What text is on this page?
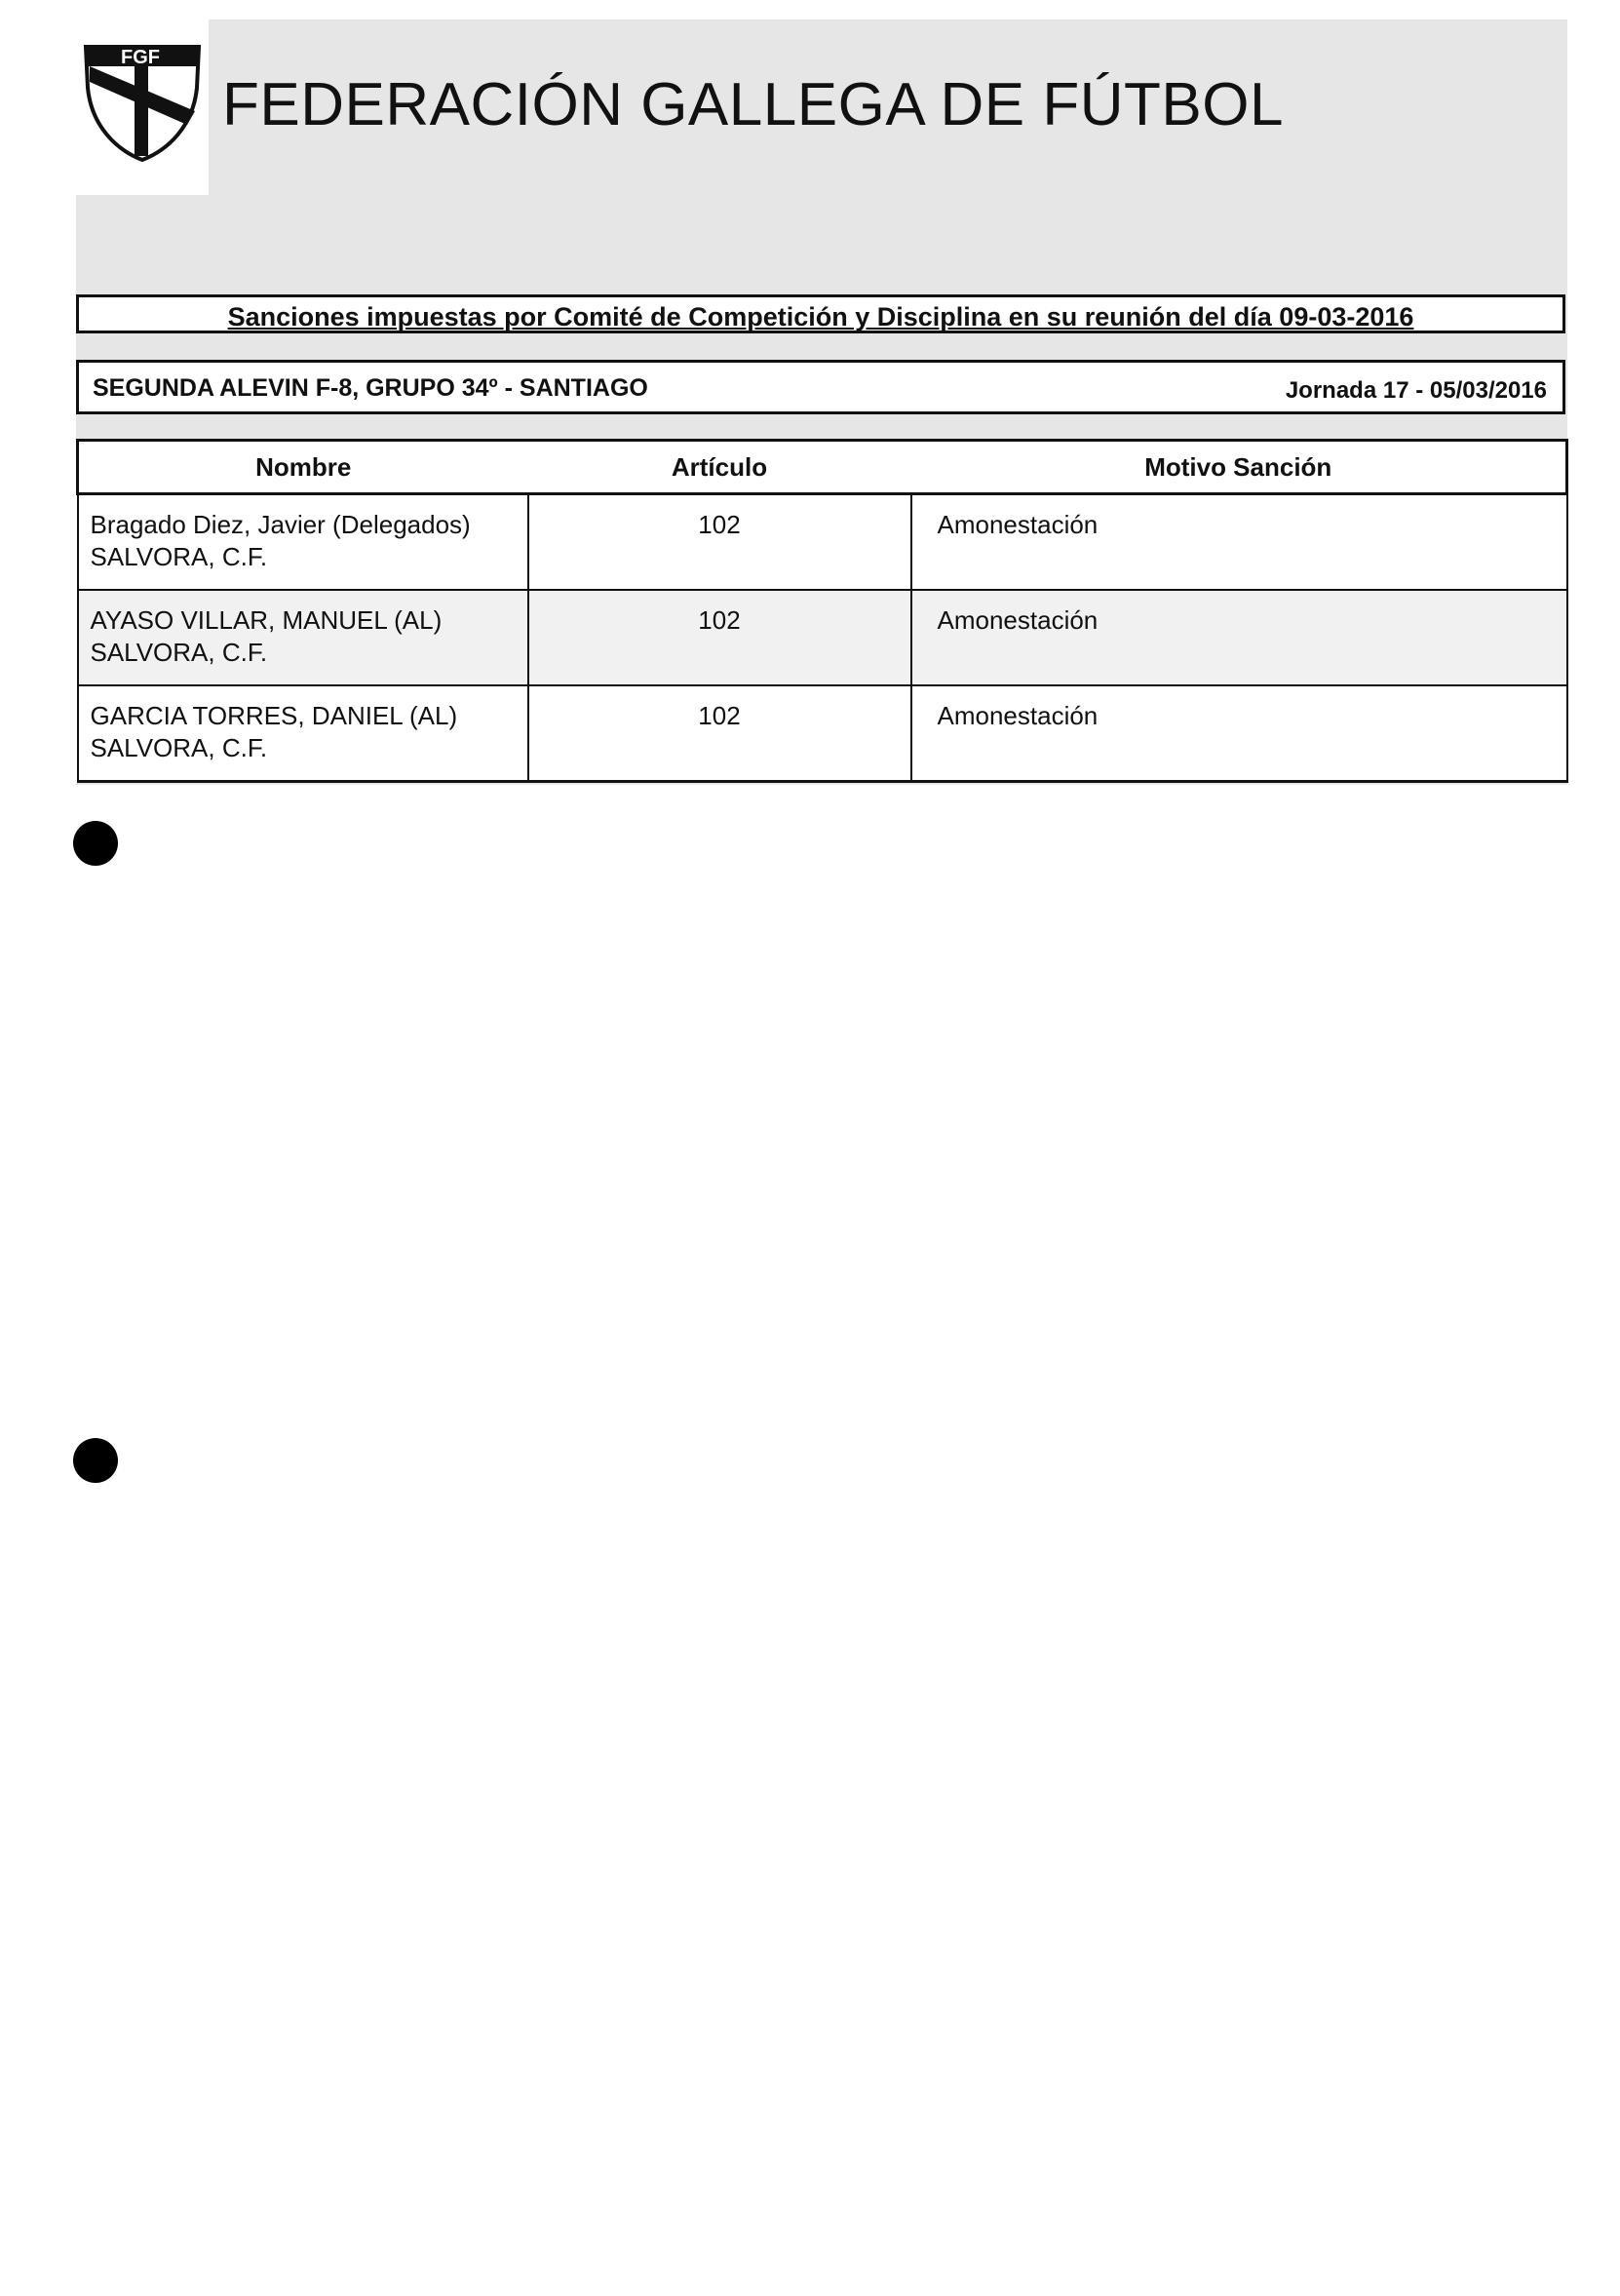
FGF
FEDERACIÓN GALLEGA DE FÚTBOL
Sanciones impuestas por Comité de Competición y Disciplina en su reunión del día 09-03-2016
SEGUNDA ALEVIN F-8, GRUPO 34º - SANTIAGO	Jornada 17 - 05/03/2016
Nombre	Artículo	Motivo Sanción

Bragado Diez, Javier (Delegados)
SALVORA, C.F.	102	Amonestación

AYASO VILLAR, MANUEL (AL)
SALVORA, C.F.	102	Amonestación

GARCIA TORRES, DANIEL (AL)
SALVORA, C.F.	102	Amonestación
